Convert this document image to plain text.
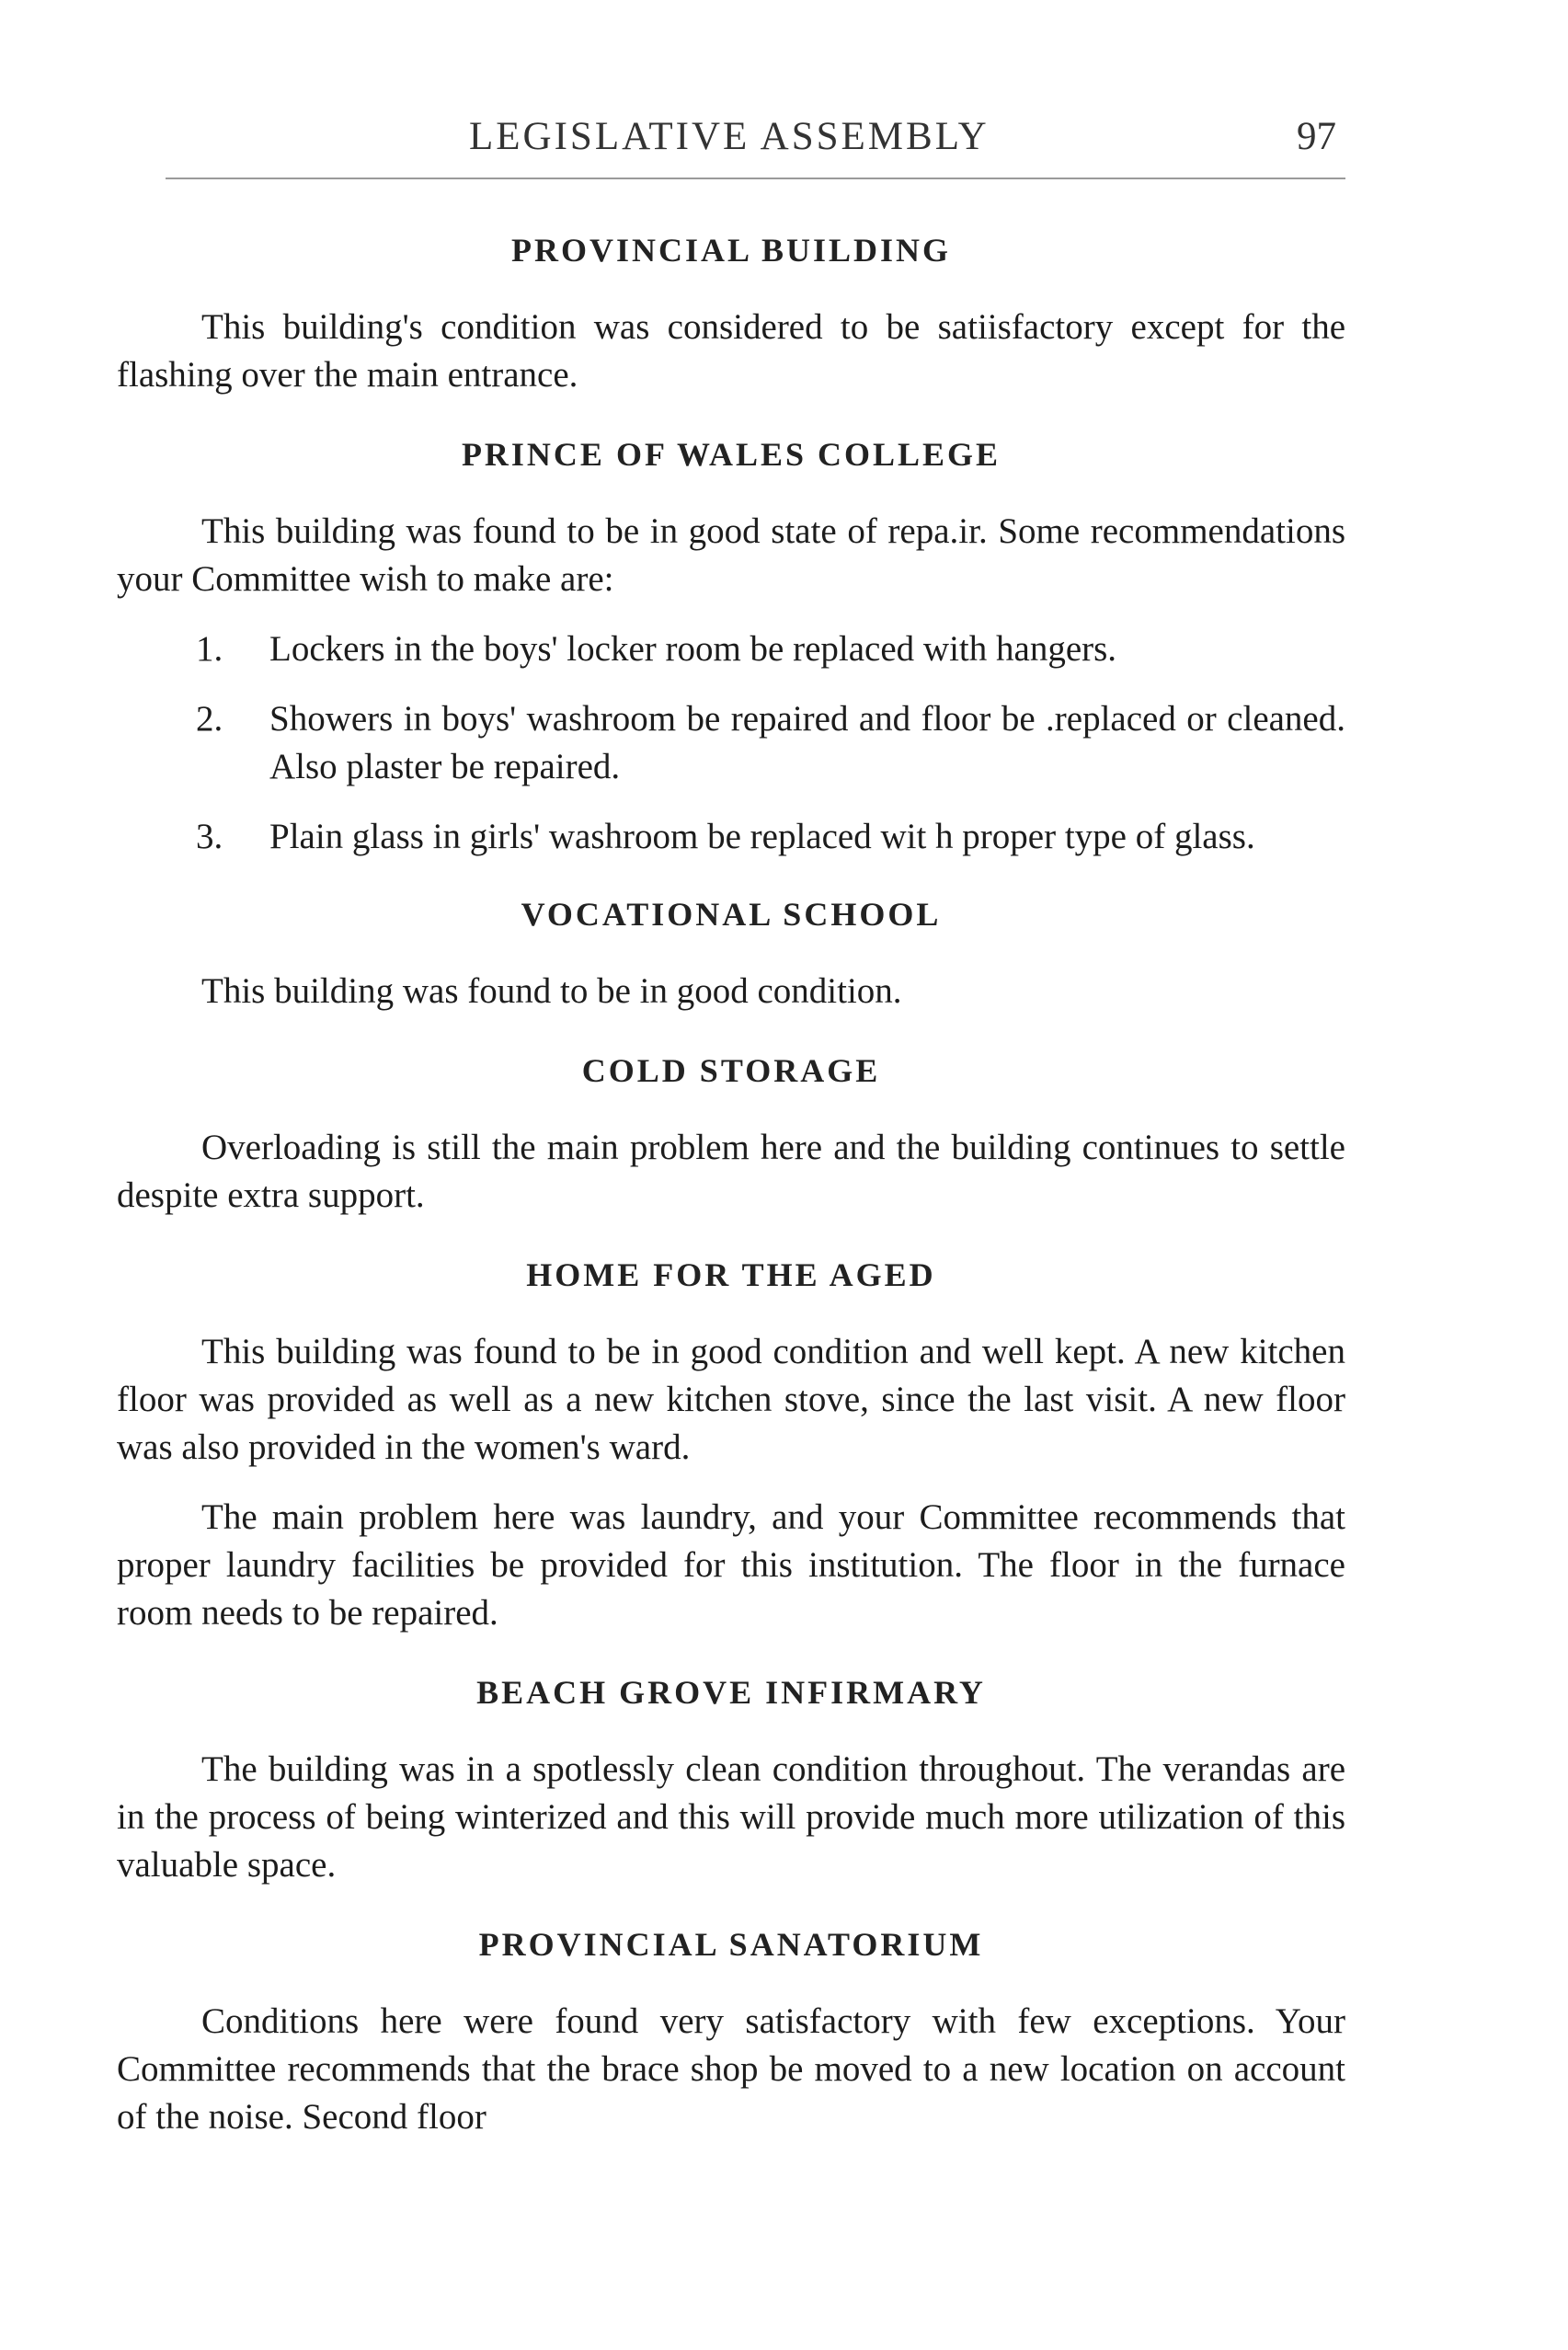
LEGISLATIVE ASSEMBLY	97
PROVINCIAL BUILDING

This building's condition was considered to be satiisfactory except for the flashing over the main entrance.

PRINCE OF WALES COLLEGE

This building was found to be in good state of repa.ir. Some recommendations your Committee wish to make are:

1.	Lockers in the boys' locker room be replaced with hangers.
2.	Showers in boys' washroom be repaired and floor be .replaced or cleaned. Also plaster be repaired.
3.	Plain glass in girls' washroom be replaced wit h proper type of glass.
VOCATIONAL SCHOOL

This building was found to be in good condition.

COLD STORAGE

Overloading is still the main problem here and the building continues to settle despite extra support.

HOME FOR THE AGED

This building was found to be in good condition and well kept. A new kitchen floor was provided as well as a new kitchen stove, since the last visit. A new floor was also provided in the women's ward.

The main problem here was laundry, and your Committee recommends that proper laundry facilities be provided for this institution. The floor in the furnace room needs to be repaired.

BEACH GROVE INFIRMARY

The building was in a spotlessly clean condition throughout. The verandas are in the process of being winterized and this will provide much more utilization of this valuable space.

PROVINCIAL SANATORIUM

Conditions here were found very satisfactory with few exceptions. Your Committee recommends that the brace shop be moved to a new location on account of the noise. Second floor
